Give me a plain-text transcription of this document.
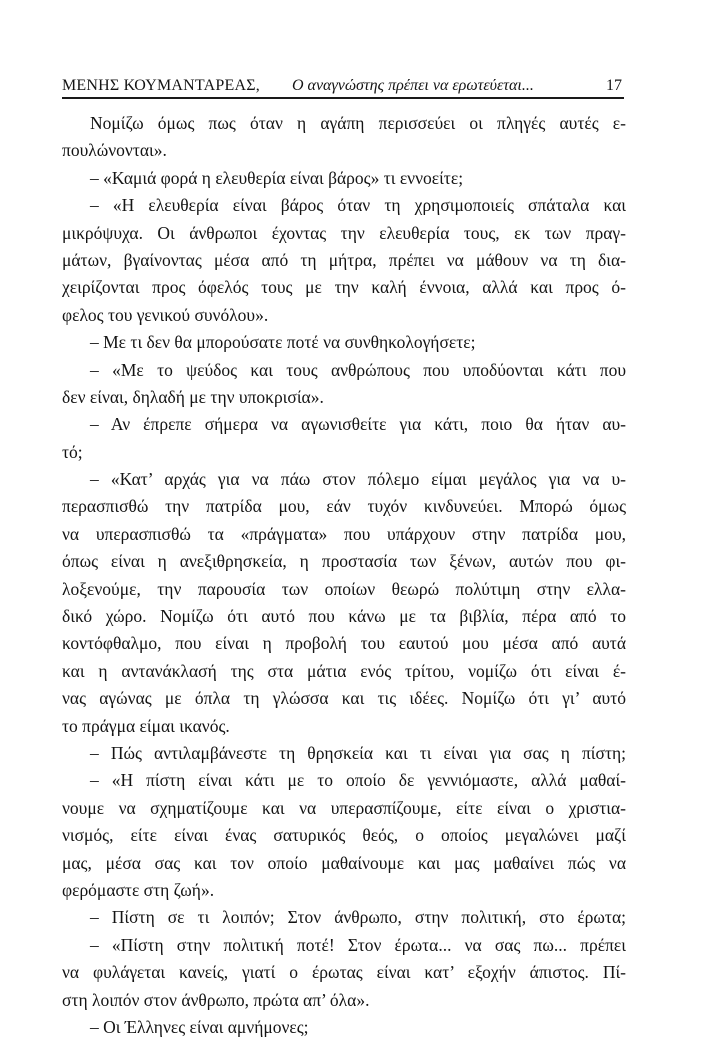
ΜΕΝΗΣ ΚΟΥΜΑΝΤΑΡΕΑΣ, Ο αναγνώστης πρέπει να ερωτεύεται...	17
Νομίζω όμως πως όταν η αγάπη περισσεύει οι πληγές αυτές ε-
πουλώνονται».
– «Καμιά φορά η ελευθερία είναι βάρος» τι εννοείτε;
– «Η ελευθερία είναι βάρος όταν τη χρησιμοποιείς σπάταλα και
μικρόψυχα. Οι άνθρωποι έχοντας την ελευθερία τους, εκ των πραγ-
μάτων, βγαίνοντας μέσα από τη μήτρα, πρέπει να μάθουν να τη δια-
χειρίζονται προς όφελός τους με την καλή έννοια, αλλά και προς ό-
φελος του γενικού συνόλου».
– Με τι δεν θα μπορούσατε ποτέ να συνθηκολογήσετε;
– «Με το ψεύδος και τους ανθρώπους που υποδύονται κάτι που
δεν είναι, δηλαδή με την υποκρισία».
– Αν έπρεπε σήμερα να αγωνισθείτε για κάτι, ποιο θα ήταν αυ-
τό;
– «Κατ’ αρχάς για να πάω στον πόλεμο είμαι μεγάλος για να υ-
περασπισθώ την πατρίδα μου, εάν τυχόν κινδυνεύει. Μπορώ όμως
να υπερασπισθώ τα «πράγματα» που υπάρχουν στην πατρίδα μου,
όπως είναι η ανεξιθρησκεία, η προστασία των ξένων, αυτών που φι-
λοξενούμε, την παρουσία των οποίων θεωρώ πολύτιμη στην ελλα-
δικό χώρο. Νομίζω ότι αυτό που κάνω με τα βιβλία, πέρα από το
κοντόφθαλμο, που είναι η προβολή του εαυτού μου μέσα από αυτά
και η αντανάκλασή της στα μάτια ενός τρίτου, νομίζω ότι είναι έ-
νας αγώνας με όπλα τη γλώσσα και τις ιδέες. Νομίζω ότι γι’ αυτό
το πράγμα είμαι ικανός.
– Πώς αντιλαμβάνεστε τη θρησκεία και τι είναι για σας η πίστη;
– «Η πίστη είναι κάτι με το οποίο δε γεννιόμαστε, αλλά μαθαί-
νουμε να σχηματίζουμε και να υπερασπίζουμε, είτε είναι ο χριστια-
νισμός, είτε είναι ένας σατυρικός θεός, ο οποίος μεγαλώνει μαζί
μας, μέσα σας και τον οποίο μαθαίνουμε και μας μαθαίνει πώς να
φερόμαστε στη ζωή».
– Πίστη σε τι λοιπόν; Στον άνθρωπο, στην πολιτική, στο έρωτα;
– «Πίστη στην πολιτική ποτέ! Στον έρωτα... να σας πω... πρέπει
να φυλάγεται κανείς, γιατί ο έρωτας είναι κατ’ εξοχήν άπιστος. Πί-
στη λοιπόν στον άνθρωπο, πρώτα απ’ όλα».
– Οι Έλληνες είναι αμνήμονες;
